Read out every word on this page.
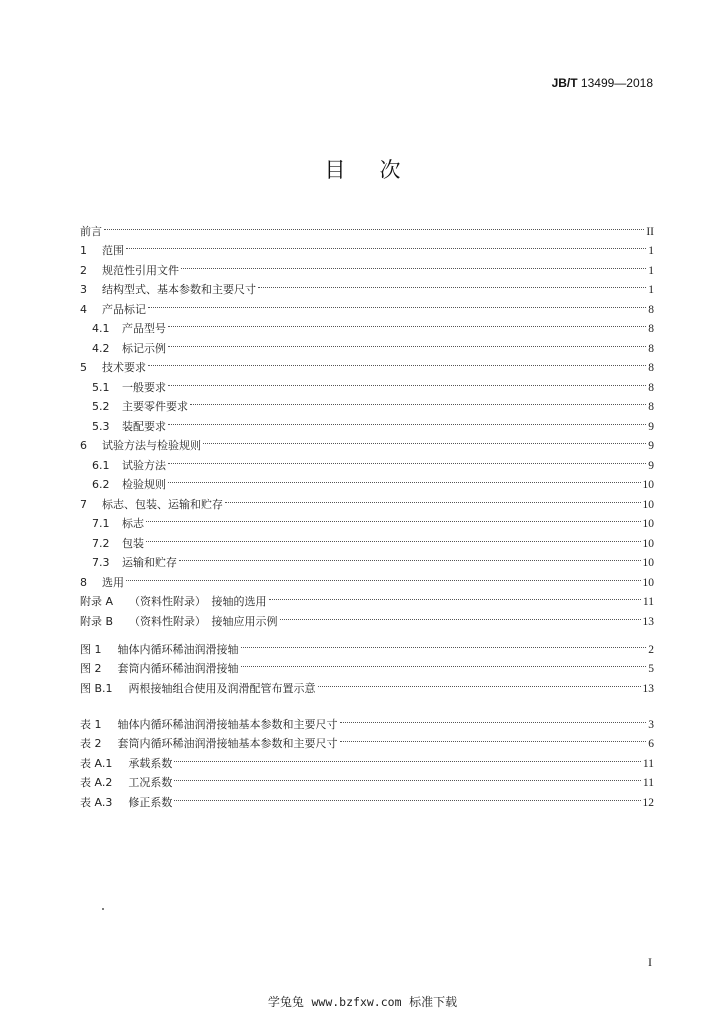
JB/T 13499—2018
目次
前言	II
1	范围	1
2	规范性引用文件	1
3	结构型式、基本参数和主要尺寸	1
4	产品标记	8
4.1	产品型号	8
4.2	标记示例	8
5	技术要求	8
5.1	一般要求	8
5.2	主要零件要求	8
5.3	装配要求	9
6	试验方法与检验规则	9
6.1	试验方法	9
6.2	检验规则	10
7	标志、包装、运输和贮存	10
7.1	标志	10
7.2	包装	10
7.3	运输和贮存	10
8	选用	10
附录 A （资料性附录）　接轴的选用	11
附录 B （资料性附录）　接轴应用示例	13
图 1 轴体内循环稀油润滑接轴	2
图 2 套筒内循环稀油润滑接轴	5
图 B.1 两根接轴组合使用及润滑配管布置示意	13
表 1 轴体内循环稀油润滑接轴基本参数和主要尺寸	3
表 2 套筒内循环稀油润滑接轴基本参数和主要尺寸	6
表 A.1 承载系数	11
表 A.2 工况系数	11
表 A.3 修正系数	12
I
学兔兔 www.bzfxw.com 标准下载
